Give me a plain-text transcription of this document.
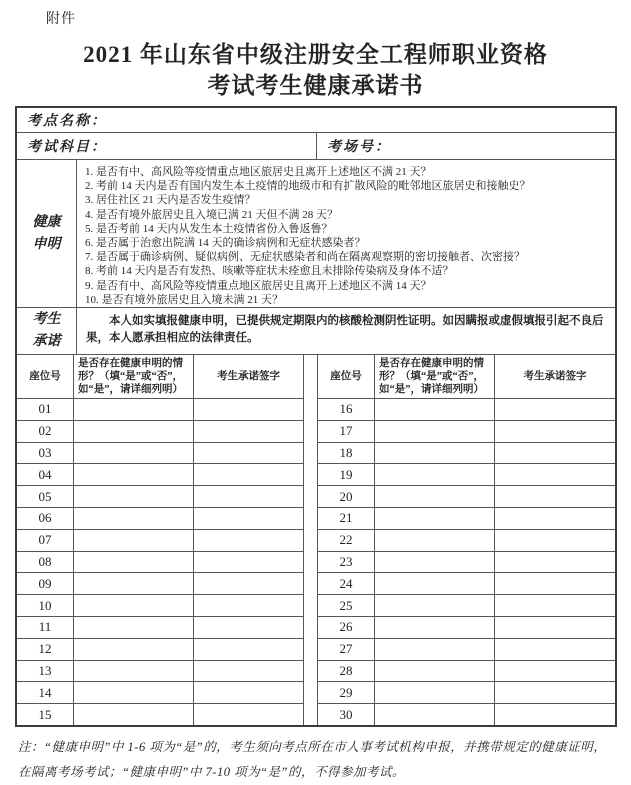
附件
2021 年山东省中级注册安全工程师职业资格
考试考生健康承诺书
考点名称：
考试科目：	考场号：
健康申明
1. 是否有中、高风险等疫情重点地区旅居史且离开上述地区不满 21 天？
2. 考前 14 天内是否有国内发生本土疫情的地级市和有扩散风险的毗邻地区旅居史和接触史？
3. 居住社区 21 天内是否发生疫情？
4. 是否有境外旅居史且入境已满 21 天但不满 28 天？
5. 是否考前 14 天内从发生本土疫情省份入鲁返鲁？
6. 是否属于治愈出院满 14 天的确诊病例和无症状感染者？
7. 是否属于确诊病例、疑似病例、无症状感染者和尚在隔离观察期的密切接触者、次密接？
8. 考前 14 天内是否有发热、咳嗽等症状未痊愈且未排除传染病及身体不适？
9. 是否有中、高风险等疫情重点地区旅居史且离开上述地区不满 14 天？
10. 是否有境外旅居史且入境未满 21 天？
考生承诺
本人如实填报健康申明，已提供规定期限内的核酸检测阴性证明。如因瞒报或虚假填报引起不良后果，本人愿承担相应的法律责任。
座位号
是否存在健康申明的情形？（填“是”或“否”，如“是”，请详细列明）
考生承诺签字
01
02
03
04
05
06
07
08
09
10
11
12
13
14
15
座位号
是否存在健康申明的情形？（填“是”或“否”，如“是”，请详细列明）
考生承诺签字
16
17
18
19
20
21
22
23
24
25
26
27
28
29
30
注：“健康申明”中 1-6 项为“是”的，考生须向考点所在市人事考试机构申报，并携带规定的健康证明，在隔离考场考试；“健康申明”中 7-10 项为“是”的，不得参加考试。
